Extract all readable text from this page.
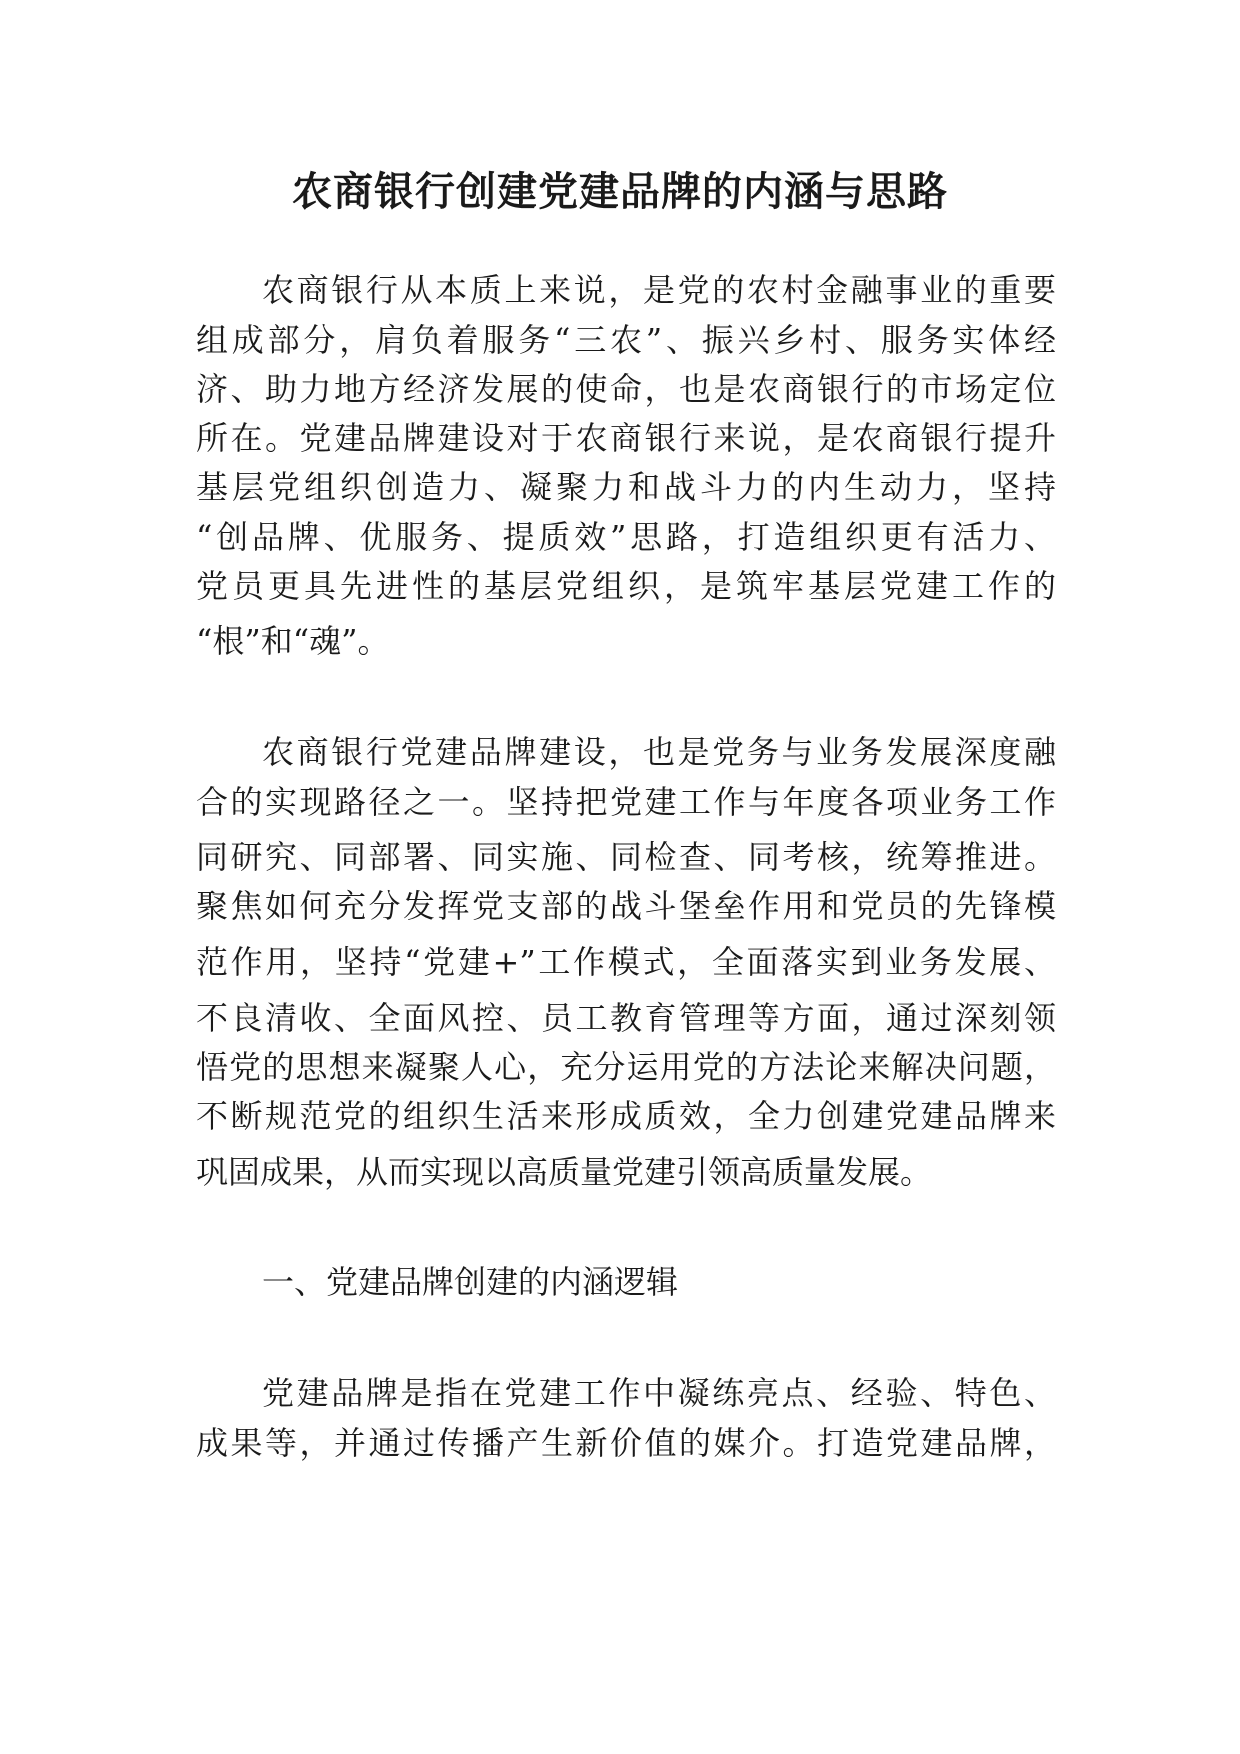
农商银行创建党建品牌的内涵与思路
农商银行从本质上来说，是党的农村金融事业的重要
组成部分，肩负着服务“三农”、振兴乡村、服务实体经
济、助力地方经济发展的使命，也是农商银行的市场定位
所在。党建品牌建设对于农商银行来说，是农商银行提升
基层党组织创造力、凝聚力和战斗力的内生动力，坚持
“创品牌、优服务、提质效”思路，打造组织更有活力、
党员更具先进性的基层党组织，是筑牢基层党建工作的
“根”和“魂”。
农商银行党建品牌建设，也是党务与业务发展深度融
合的实现路径之一。坚持把党建工作与年度各项业务工作
同研究、同部署、同实施、同检查、同考核，统筹推进。
聚焦如何充分发挥党支部的战斗堡垒作用和党员的先锋模
范作用，坚持“党建+”工作模式，全面落实到业务发展、
不良清收、全面风控、员工教育管理等方面，通过深刻领
悟党的思想来凝聚人心，充分运用党的方法论来解决问题，
不断规范党的组织生活来形成质效，全力创建党建品牌来
巩固成果，从而实现以高质量党建引领高质量发展。
一、党建品牌创建的内涵逻辑
党建品牌是指在党建工作中凝练亮点、经验、特色、
成果等，并通过传播产生新价值的媒介。打造党建品牌，
